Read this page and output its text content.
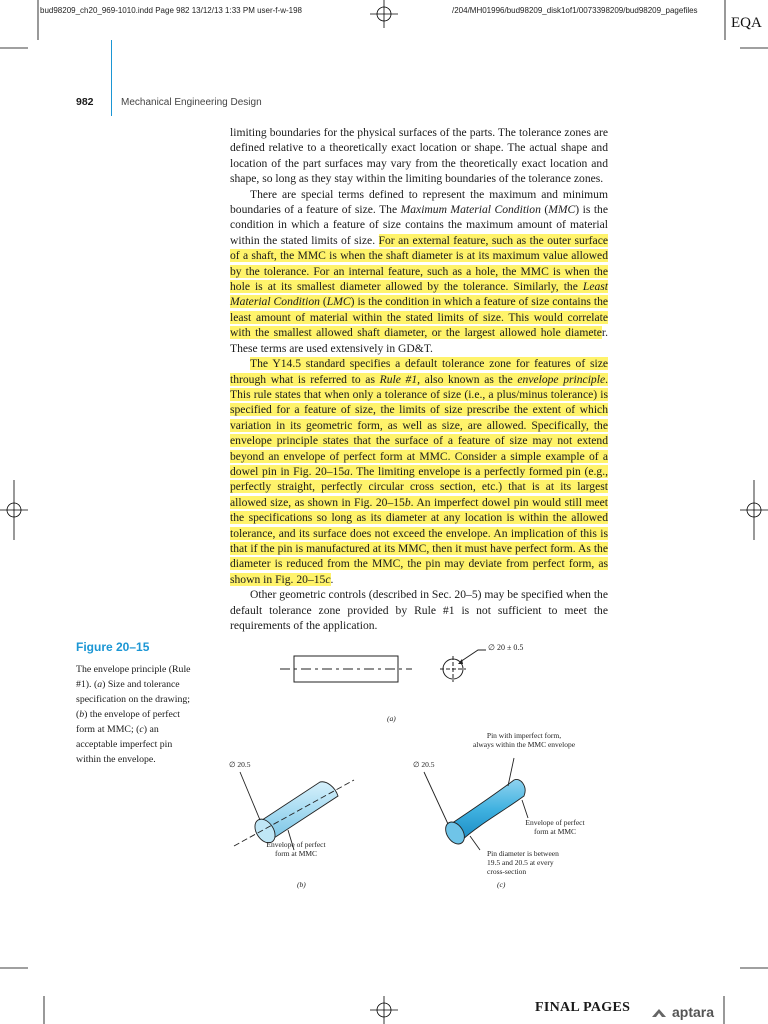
bud98209_ch20_969-1010.indd Page 982 13/12/13 1:33 PM user-f-w-198	/204/MH01996/bud98209_disk1of1/0073398209/bud98209_pagefiles
EQA
982	Mechanical Engineering Design

limiting boundaries for the physical surfaces of the parts. The tolerance zones are defined relative to a theoretically exact location or shape. The actual shape and location of the part surfaces may vary from the theoretically exact location and shape, so long as they stay within the limiting boundaries of the tolerance zones.

There are special terms defined to represent the maximum and minimum boundaries of a feature of size. The Maximum Material Condition (MMC) is the condition in which a feature of size contains the maximum amount of material within the stated limits of size. For an external feature, such as the outer surface of a shaft, the MMC is when the shaft diameter is at its maximum value allowed by the tolerance. For an internal feature, such as a hole, the MMC is when the hole is at its smallest diameter allowed by the tolerance. Similarly, the Least Material Condition (LMC) is the condition in which a feature of size contains the least amount of material within the stated limits of size. This would correlate with the smallest allowed shaft diameter, or the largest allowed hole diameter. These terms are used extensively in GD&T.

The Y14.5 standard specifies a default tolerance zone for features of size through what is referred to as Rule #1, also known as the envelope principle. This rule states that when only a tolerance of size (i.e., a plus/minus tolerance) is specified for a feature of size, the limits of size prescribe the extent of which variation in its geometric form, as well as size, are allowed. Specifically, the envelope principle states that the surface of a feature of size may not extend beyond an envelope of perfect form at MMC. Consider a simple example of a dowel pin in Fig. 20–15a. The limiting envelope is a perfectly formed pin (e.g., perfectly straight, perfectly circular cross section, etc.) that is at its largest allowed size, as shown in Fig. 20–15b. An imperfect dowel pin would still meet the specifications so long as its diameter at any location is within the allowed tolerance, and its surface does not exceed the envelope. An implication of this is that if the pin is manufactured at its MMC, then it must have perfect form. As the diameter is reduced from the MMC, the pin may deviate from perfect form, as shown in Fig. 20–15c.

Other geometric controls (described in Sec. 20–5) may be specified when the default tolerance zone provided by Rule #1 is not sufficient to meet the requirements of the application.

Figure 20–15
The envelope principle (Rule #1). (a) Size and tolerance specification on the drawing; (b) the envelope of perfect form at MMC; (c) an acceptable imperfect pin within the envelope.
∅ 20 ± 0.5
(a)
∅ 20.5
Envelope of perfect
form at MMC
(b)
∅ 20.5
Pin with imperfect form,
always within the MMC envelope
Envelope of perfect
form at MMC
Pin diameter is between
19.5 and 20.5 at every
cross-section
(c)
FINAL PAGES	aptara
